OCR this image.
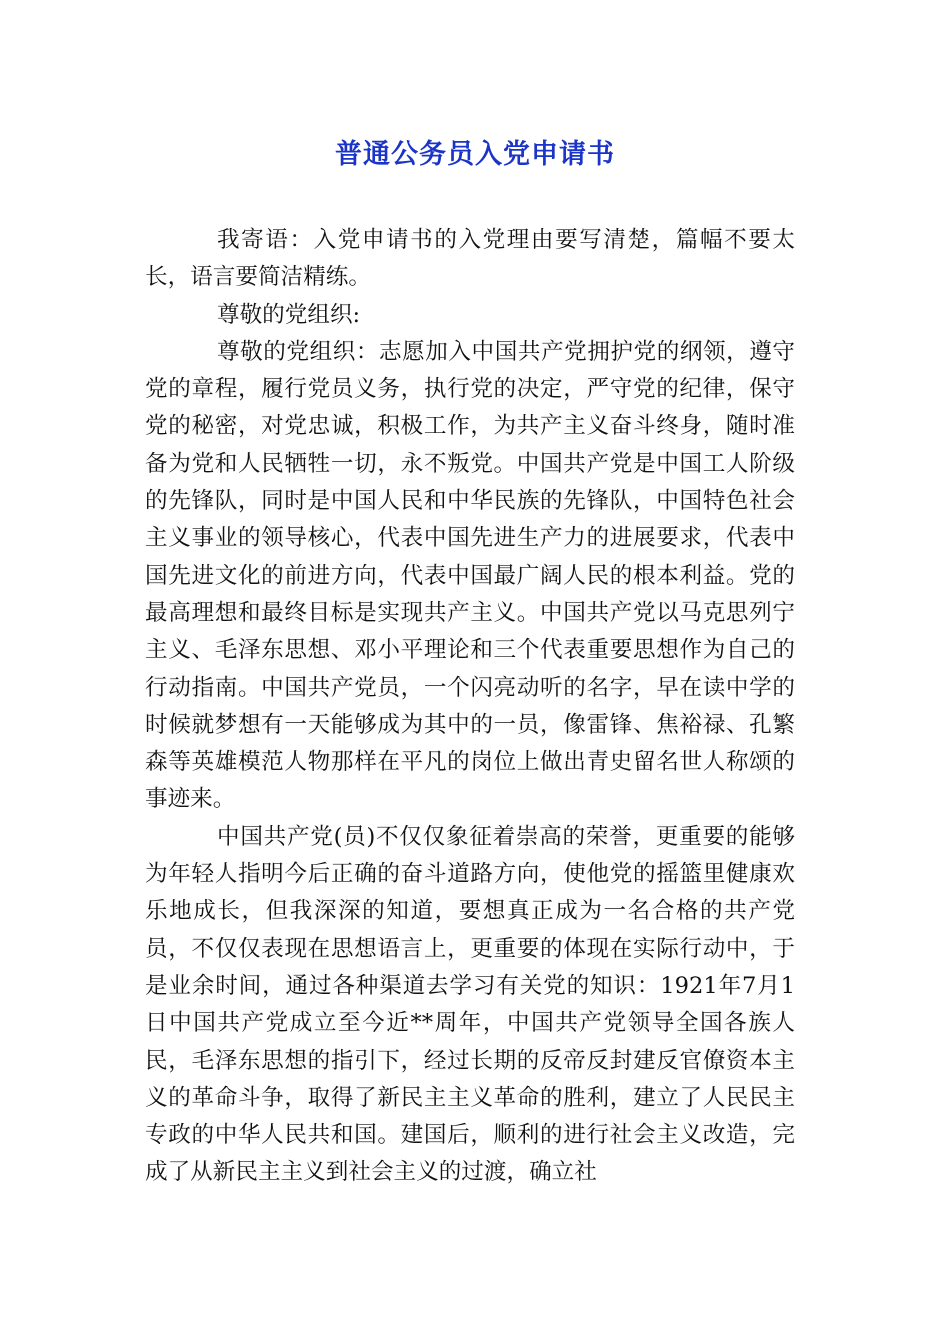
普通公务员入党申请书

我寄语：入党申请书的入党理由要写清楚，篇幅不要太长，语言要简洁精练。

尊敬的党组织:

尊敬的党组织：志愿加入中国共产党拥护党的纲领，遵守党的章程，履行党员义务，执行党的决定，严守党的纪律，保守党的秘密，对党忠诚，积极工作，为共产主义奋斗终身，随时准备为党和人民牺牲一切，永不叛党。中国共产党是中国工人阶级的先锋队，同时是中国人民和中华民族的先锋队，中国特色社会主义事业的领导核心，代表中国先进生产力的进展要求，代表中国先进文化的前进方向，代表中国最广阔人民的根本利益。党的最高理想和最终目标是实现共产主义。中国共产党以马克思列宁主义、毛泽东思想、邓小平理论和三个代表重要思想作为自己的行动指南。中国共产党员，一个闪亮动听的名字，早在读中学的时候就梦想有一天能够成为其中的一员，像雷锋、焦裕禄、孔繁森等英雄模范人物那样在平凡的岗位上做出青史留名世人称颂的事迹来。

中国共产党(员)不仅仅象征着崇高的荣誉，更重要的能够为年轻人指明今后正确的奋斗道路方向，使他党的摇篮里健康欢乐地成长，但我深深的知道，要想真正成为一名合格的共产党员，不仅仅表现在思想语言上，更重要的体现在实际行动中，于是业余时间，通过各种渠道去学习有关党的知识：1921年7月1日中国共产党成立至今近**周年，中国共产党领导全国各族人民，毛泽东思想的指引下，经过长期的反帝反封建反官僚资本主义的革命斗争，取得了新民主主义革命的胜利，建立了人民民主专政的中华人民共和国。建国后，顺利的进行社会主义改造，完成了从新民主主义到社会主义的过渡，确立社
